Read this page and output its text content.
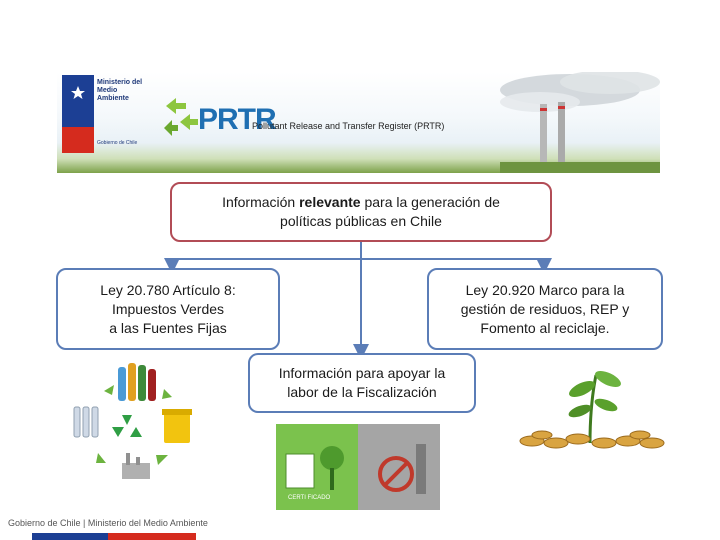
Ministerio del
Medio
Ambiente
Gobierno de Chile
PRTR
Pollutant Release and Transfer Register (PRTR)
Información relevante para la generación de
políticas públicas en Chile
Ley 20.780 Artículo 8:
Impuestos Verdes
a las Fuentes Fijas
Ley 20.920 Marco para la
gestión de residuos, REP y
Fomento al reciclaje.
Información para apoyar la
labor de la Fiscalización
CERTI FICADO
Gobierno de Chile | Ministerio del Medio Ambiente
